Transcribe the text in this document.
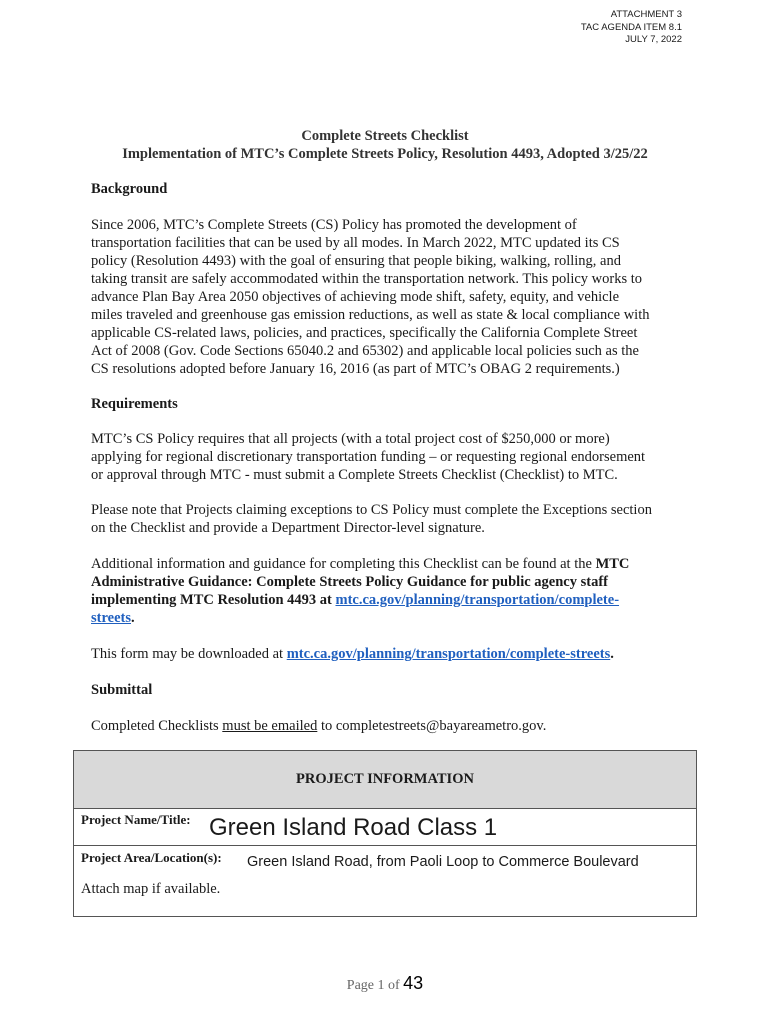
ATTACHMENT 3
TAC AGENDA ITEM 8.1
JULY 7, 2022
Complete Streets Checklist
Implementation of MTC’s Complete Streets Policy, Resolution 4493, Adopted 3/25/22
Background
Since 2006, MTC’s Complete Streets (CS) Policy has promoted the development of
transportation facilities that can be used by all modes. In March 2022, MTC updated its CS
policy (Resolution 4493) with the goal of ensuring that people biking, walking, rolling, and
taking transit are safely accommodated within the transportation network. This policy works to
advance Plan Bay Area 2050 objectives of achieving mode shift, safety, equity, and vehicle
miles traveled and greenhouse gas emission reductions, as well as state & local compliance with
applicable CS-related laws, policies, and practices, specifically the California Complete Street
Act of 2008 (Gov. Code Sections 65040.2 and 65302) and applicable local policies such as the
CS resolutions adopted before January 16, 2016 (as part of MTC’s OBAG 2 requirements.)
Requirements
MTC’s CS Policy requires that all projects (with a total project cost of $250,000 or more)
applying for regional discretionary transportation funding – or requesting regional endorsement
or approval through MTC - must submit a Complete Streets Checklist (Checklist) to MTC.
Please note that Projects claiming exceptions to CS Policy must complete the Exceptions section
on the Checklist and provide a Department Director-level signature.
Additional information and guidance for completing this Checklist can be found at the MTC
Administrative Guidance: Complete Streets Policy Guidance for public agency staff
implementing MTC Resolution 4493 at mtc.ca.gov/planning/transportation/complete-
streets.
This form may be downloaded at mtc.ca.gov/planning/transportation/complete-streets.
Submittal
Completed Checklists must be emailed to completestreets@bayareametro.gov.
PROJECT INFORMATION
Project Name/Title: Green Island Road Class 1
Project Area/Location(s): Green Island Road, from Paoli Loop to Commerce Boulevard
Attach map if available.
Page 1 of 43
